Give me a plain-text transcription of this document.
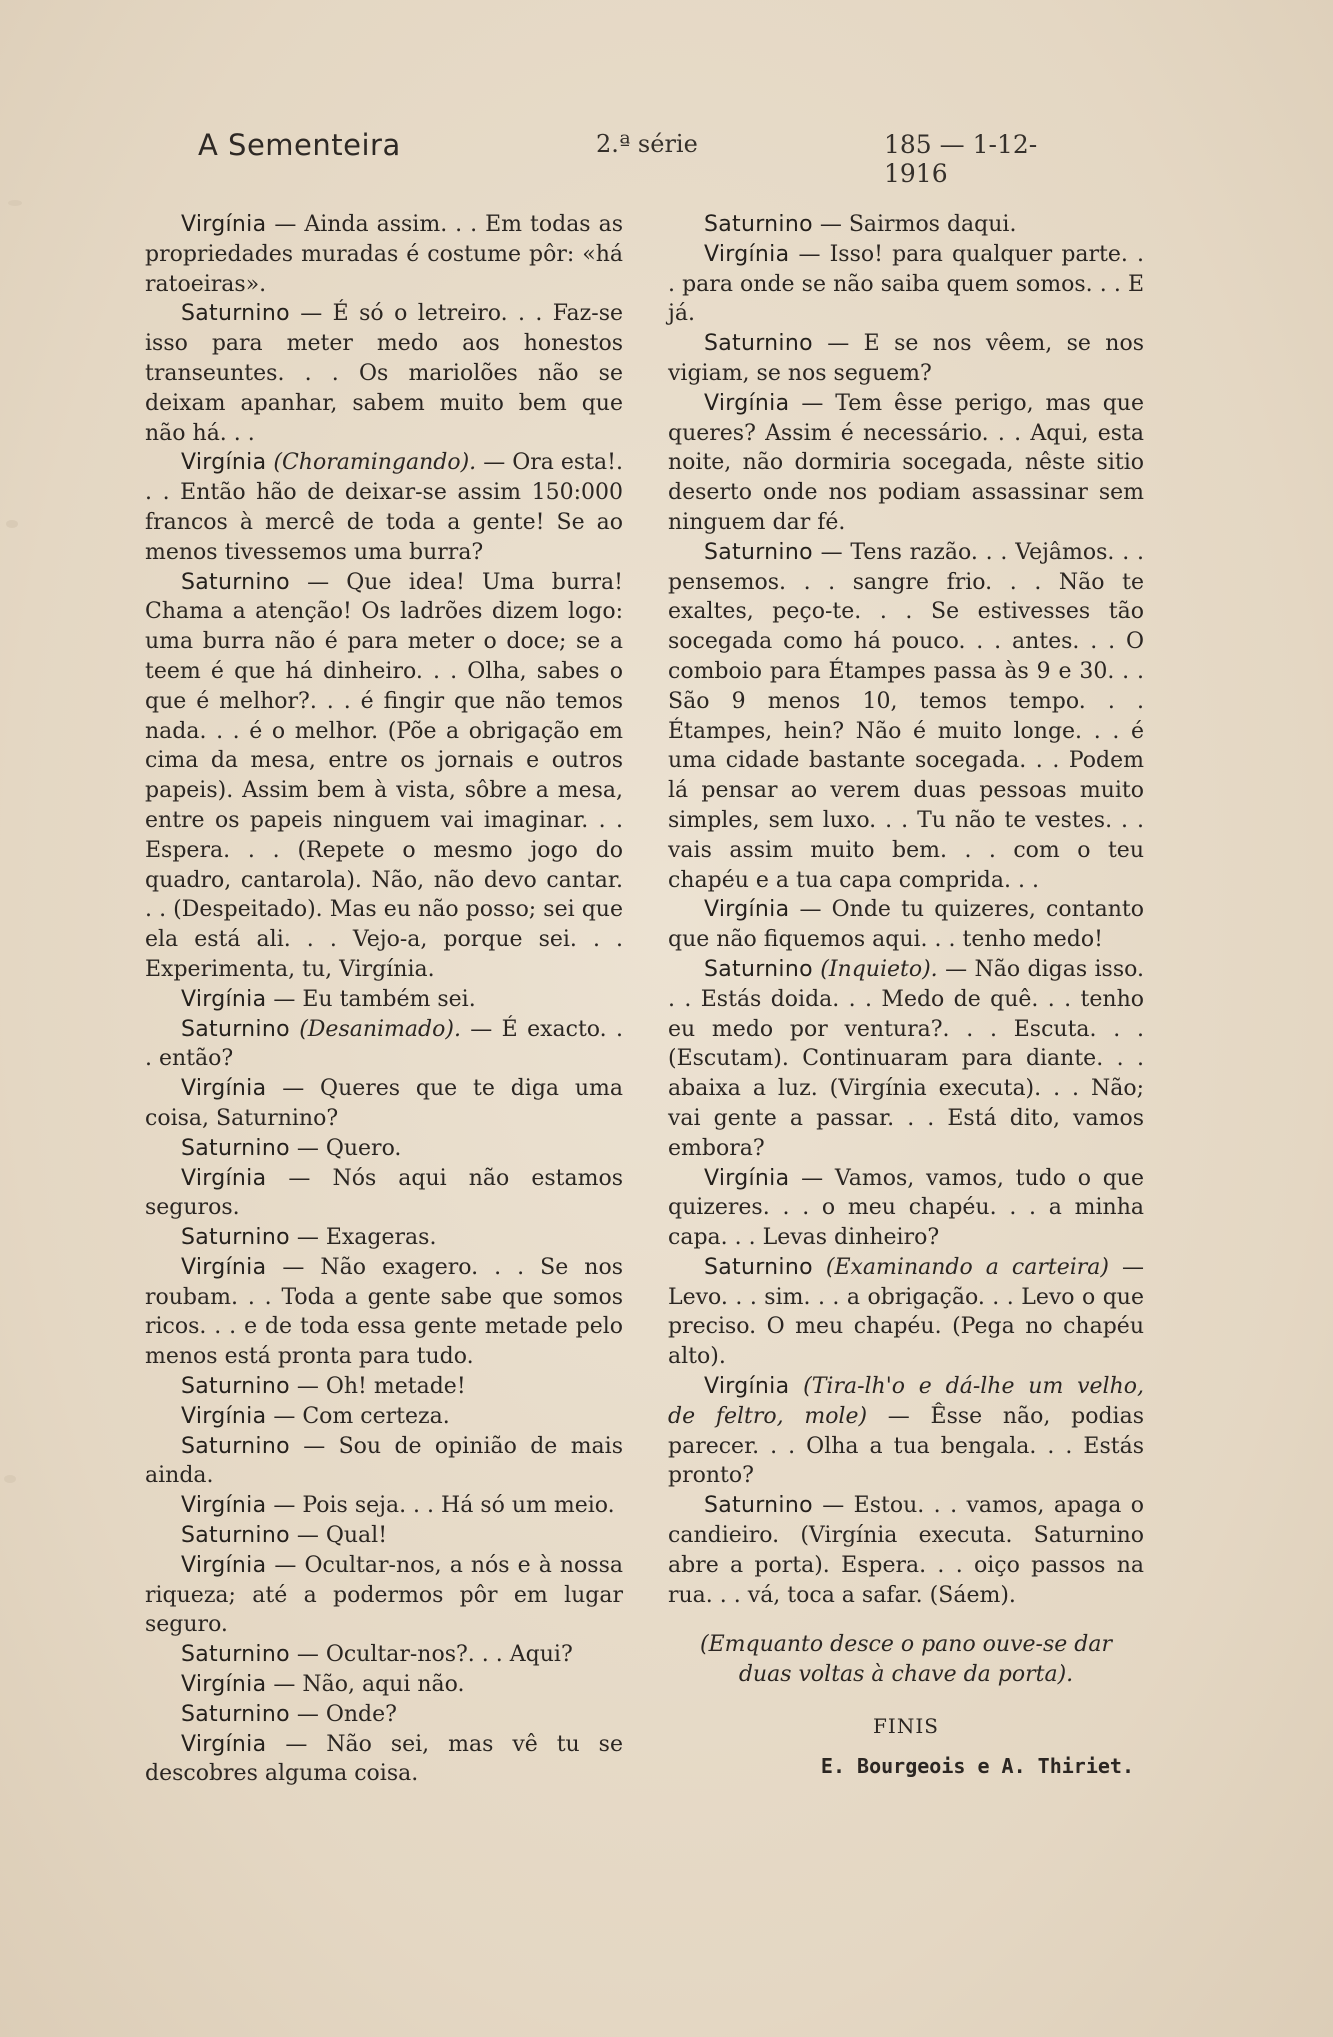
A Sementeira	2.ª série	185 — 1-12-1916

Virgínia — Ainda assim. . . Em todas as propriedades muradas é costume pôr: «há ratoeiras».

Saturnino — É só o letreiro. . . Faz-se isso para meter medo aos honestos transeuntes. . . Os mariolões não se deixam apanhar, sabem muito bem que não há. . .

Virgínia (Choramingando). — Ora esta!. . . Então hão de deixar-se assim 150:000 francos à mercê de toda a gente! Se ao menos tivessemos uma burra?

Saturnino — Que idea! Uma burra! Chama a atenção! Os ladrões dizem logo: uma burra não é para meter o doce; se a teem é que há dinheiro. . . Olha, sabes o que é melhor?. . . é fingir que não temos nada. . . é o melhor. (Põe a obrigação em cima da mesa, entre os jornais e outros papeis). Assim bem à vista, sôbre a mesa, entre os papeis ninguem vai imaginar. . . Espera. . . (Repete o mesmo jogo do quadro, cantarola). Não, não devo cantar. . . (Despeitado). Mas eu não posso; sei que ela está ali. . . Vejo-a, porque sei. . . Experimenta, tu, Virgínia.

Virgínia — Eu também sei.

Saturnino (Desanimado). — É exacto. . . então?

Virgínia — Queres que te diga uma coisa, Saturnino?

Saturnino — Quero.

Virgínia — Nós aqui não estamos seguros.

Saturnino — Exageras.

Virgínia — Não exagero. . . Se nos roubam. . . Toda a gente sabe que somos ricos. . . e de toda essa gente metade pelo menos está pronta para tudo.

Saturnino — Oh! metade!

Virgínia — Com certeza.

Saturnino — Sou de opinião de mais ainda.

Virgínia — Pois seja. . . Há só um meio.

Saturnino — Qual!

Virgínia — Ocultar-nos, a nós e à nossa riqueza; até a podermos pôr em lugar seguro.

Saturnino — Ocultar-nos?. . . Aqui?

Virgínia — Não, aqui não.

Saturnino — Onde?

Virgínia — Não sei, mas vê tu se descobres alguma coisa.

Saturnino — Sairmos daqui.

Virgínia — Isso! para qualquer parte. . . para onde se não saiba quem somos. . . E já.

Saturnino — E se nos vêem, se nos vigiam, se nos seguem?

Virgínia — Tem êsse perigo, mas que queres? Assim é necessário. . . Aqui, esta noite, não dormiria socegada, nêste sitio deserto onde nos podiam assassinar sem ninguem dar fé.

Saturnino — Tens razão. . . Vejâmos. . . pensemos. . . sangre frio. . . Não te exaltes, peço-te. . . Se estivesses tão socegada como há pouco. . . antes. . . O comboio para Étampes passa às 9 e 30. . . São 9 menos 10, temos tempo. . . Étampes, hein? Não é muito longe. . . é uma cidade bastante socegada. . . Podem lá pensar ao verem duas pessoas muito simples, sem luxo. . . Tu não te vestes. . . vais assim muito bem. . . com o teu chapéu e a tua capa comprida. . .

Virgínia — Onde tu quizeres, contanto que não fiquemos aqui. . . tenho medo!

Saturnino (Inquieto). — Não digas isso. . . Estás doida. . . Medo de quê. . . tenho eu medo por ventura?. . . Escuta. . . (Escutam). Continuaram para diante. . . abaixa a luz. (Virgínia executa). . . Não; vai gente a passar. . . Está dito, vamos embora?

Virgínia — Vamos, vamos, tudo o que quizeres. . . o meu chapéu. . . a minha capa. . . Levas dinheiro?

Saturnino (Examinando a carteira) — Levo. . . sim. . . a obrigação. . . Levo o que preciso. O meu chapéu. (Pega no chapéu alto).

Virgínia (Tira-lh'o e dá-lhe um velho, de feltro, mole) — Êsse não, podias parecer. . . Olha a tua bengala. . . Estás pronto?

Saturnino — Estou. . . vamos, apaga o candieiro. (Virgínia executa. Saturnino abre a porta). Espera. . . oiço passos na rua. . . vá, toca a safar. (Sáem).

(Emquanto desce o pano ouve-se dar duas voltas à chave da porta).

FINIS
E. Bourgeois e A. Thiriet.
